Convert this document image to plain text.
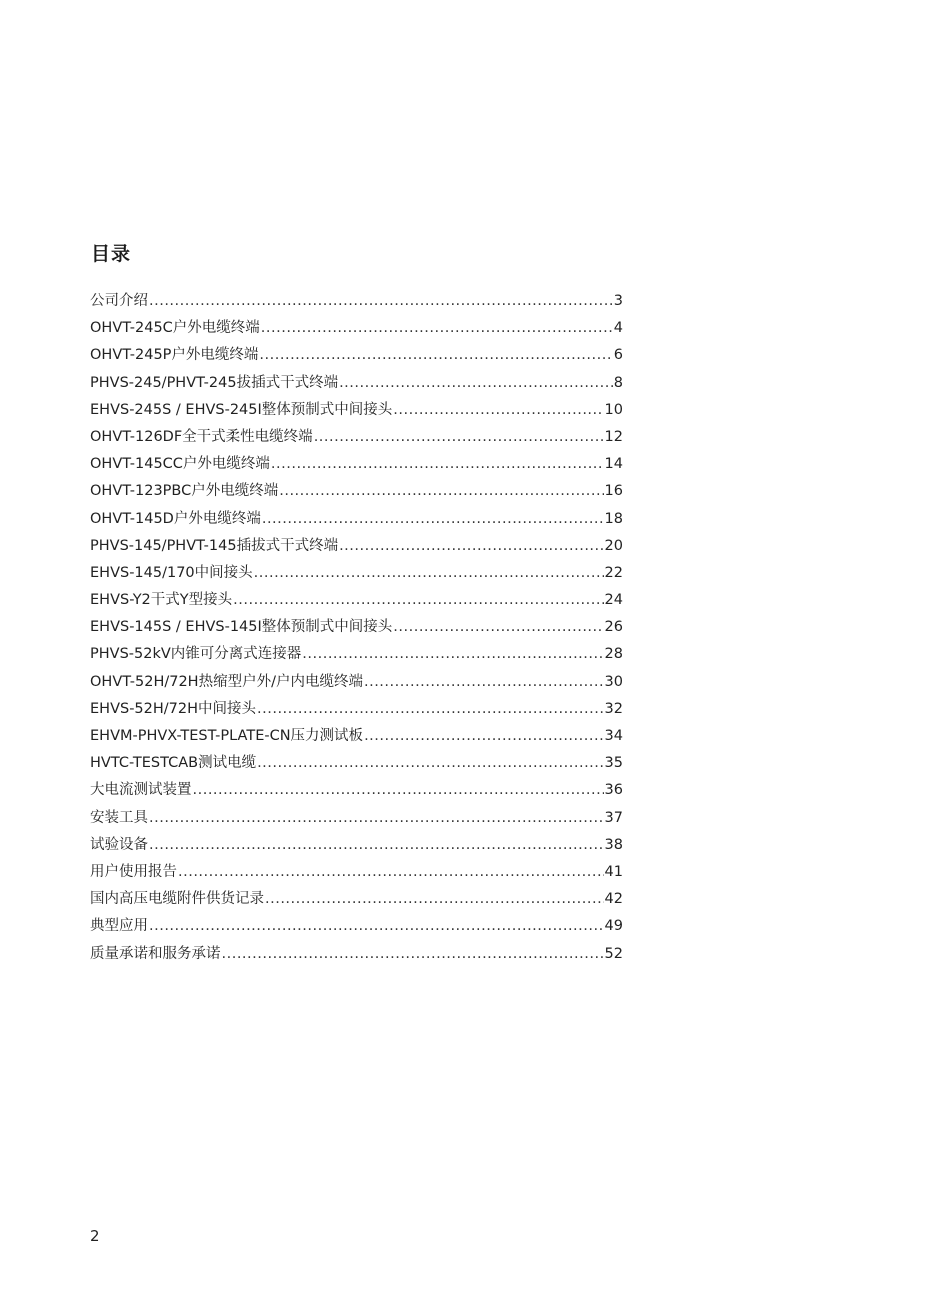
目录
公司介绍 .....	3
OHVT-245C户外电缆终端 .....	4
OHVT-245P户外电缆终端 .....	6
PHVS-245/PHVT-245拔插式干式终端 .....	8
EHVS-245S / EHVS-245I整体预制式中间接头 .....	10
OHVT-126DF全干式柔性电缆终端 .....	12
OHVT-145CC户外电缆终端 .....	14
OHVT-123PBC户外电缆终端 .....	16
OHVT-145D户外电缆终端 .....	18
PHVS-145/PHVT-145插拔式干式终端 .....	20
EHVS-145/170中间接头 .....	22
EHVS-Y2干式Y型接头 .....	24
EHVS-145S / EHVS-145I整体预制式中间接头 .....	26
PHVS-52kV内锥可分离式连接器 .....	28
OHVT-52H/72H热缩型户外/户内电缆终端 .....	30
EHVS-52H/72H中间接头 .....	32
EHVM-PHVX-TEST-PLATE-CN压力测试板 .....	34
HVTC-TESTCAB测试电缆 .....	35
大电流测试装置 .....	36
安装工具 .....	37
试验设备 .....	38
用户使用报告 .....	41
国内高压电缆附件供货记录 .....	42
典型应用 .....	49
质量承诺和服务承诺 .....	52
2
